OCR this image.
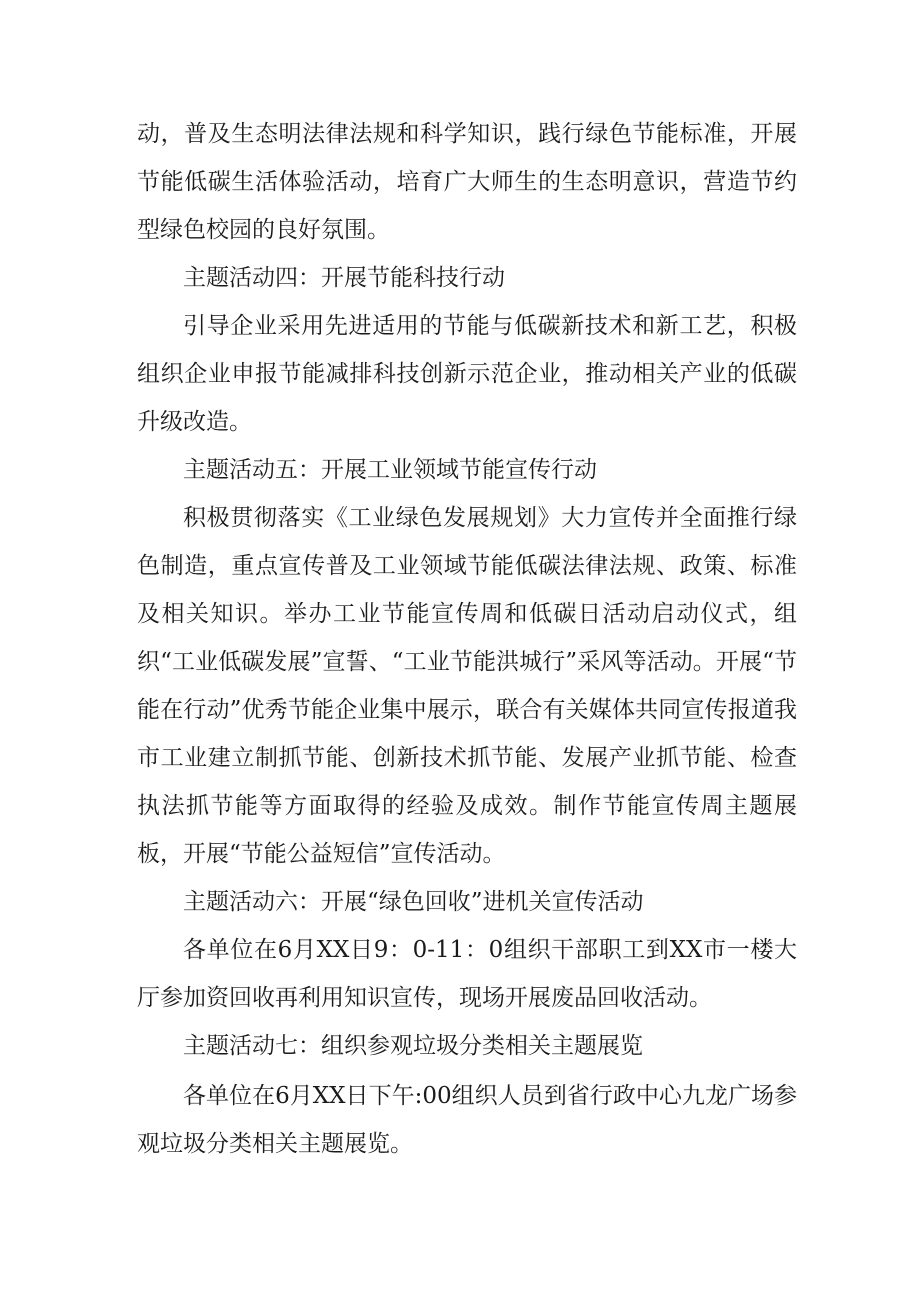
动，普及生态明法律法规和科学知识，践行绿色节能标准，开展节能低碳生活体验活动，培育广大师生的生态明意识，营造节约型绿色校园的良好氛围。

主题活动四：开展节能科技行动

引导企业采用先进适用的节能与低碳新技术和新工艺，积极组织企业申报节能减排科技创新示范企业，推动相关产业的低碳升级改造。

主题活动五：开展工业领域节能宣传行动

积极贯彻落实《工业绿色发展规划》大力宣传并全面推行绿色制造，重点宣传普及工业领域节能低碳法律法规、政策、标准及相关知识。举办工业节能宣传周和低碳日活动启动仪式，组织“工业低碳发展”宣誓、“工业节能洪城行”采风等活动。开展“节能在行动”优秀节能企业集中展示，联合有关媒体共同宣传报道我市工业建立制抓节能、创新技术抓节能、发展产业抓节能、检查执法抓节能等方面取得的经验及成效。制作节能宣传周主题展板，开展“节能公益短信”宣传活动。

主题活动六：开展“绿色回收”进机关宣传活动

各单位在6月XX日9：0-11：0组织干部职工到XX市一楼大厅参加资回收再利用知识宣传，现场开展废品回收活动。

主题活动七：组织参观垃圾分类相关主题展览

各单位在6月XX日下午:00组织人员到省行政中心九龙广场参观垃圾分类相关主题展览。
